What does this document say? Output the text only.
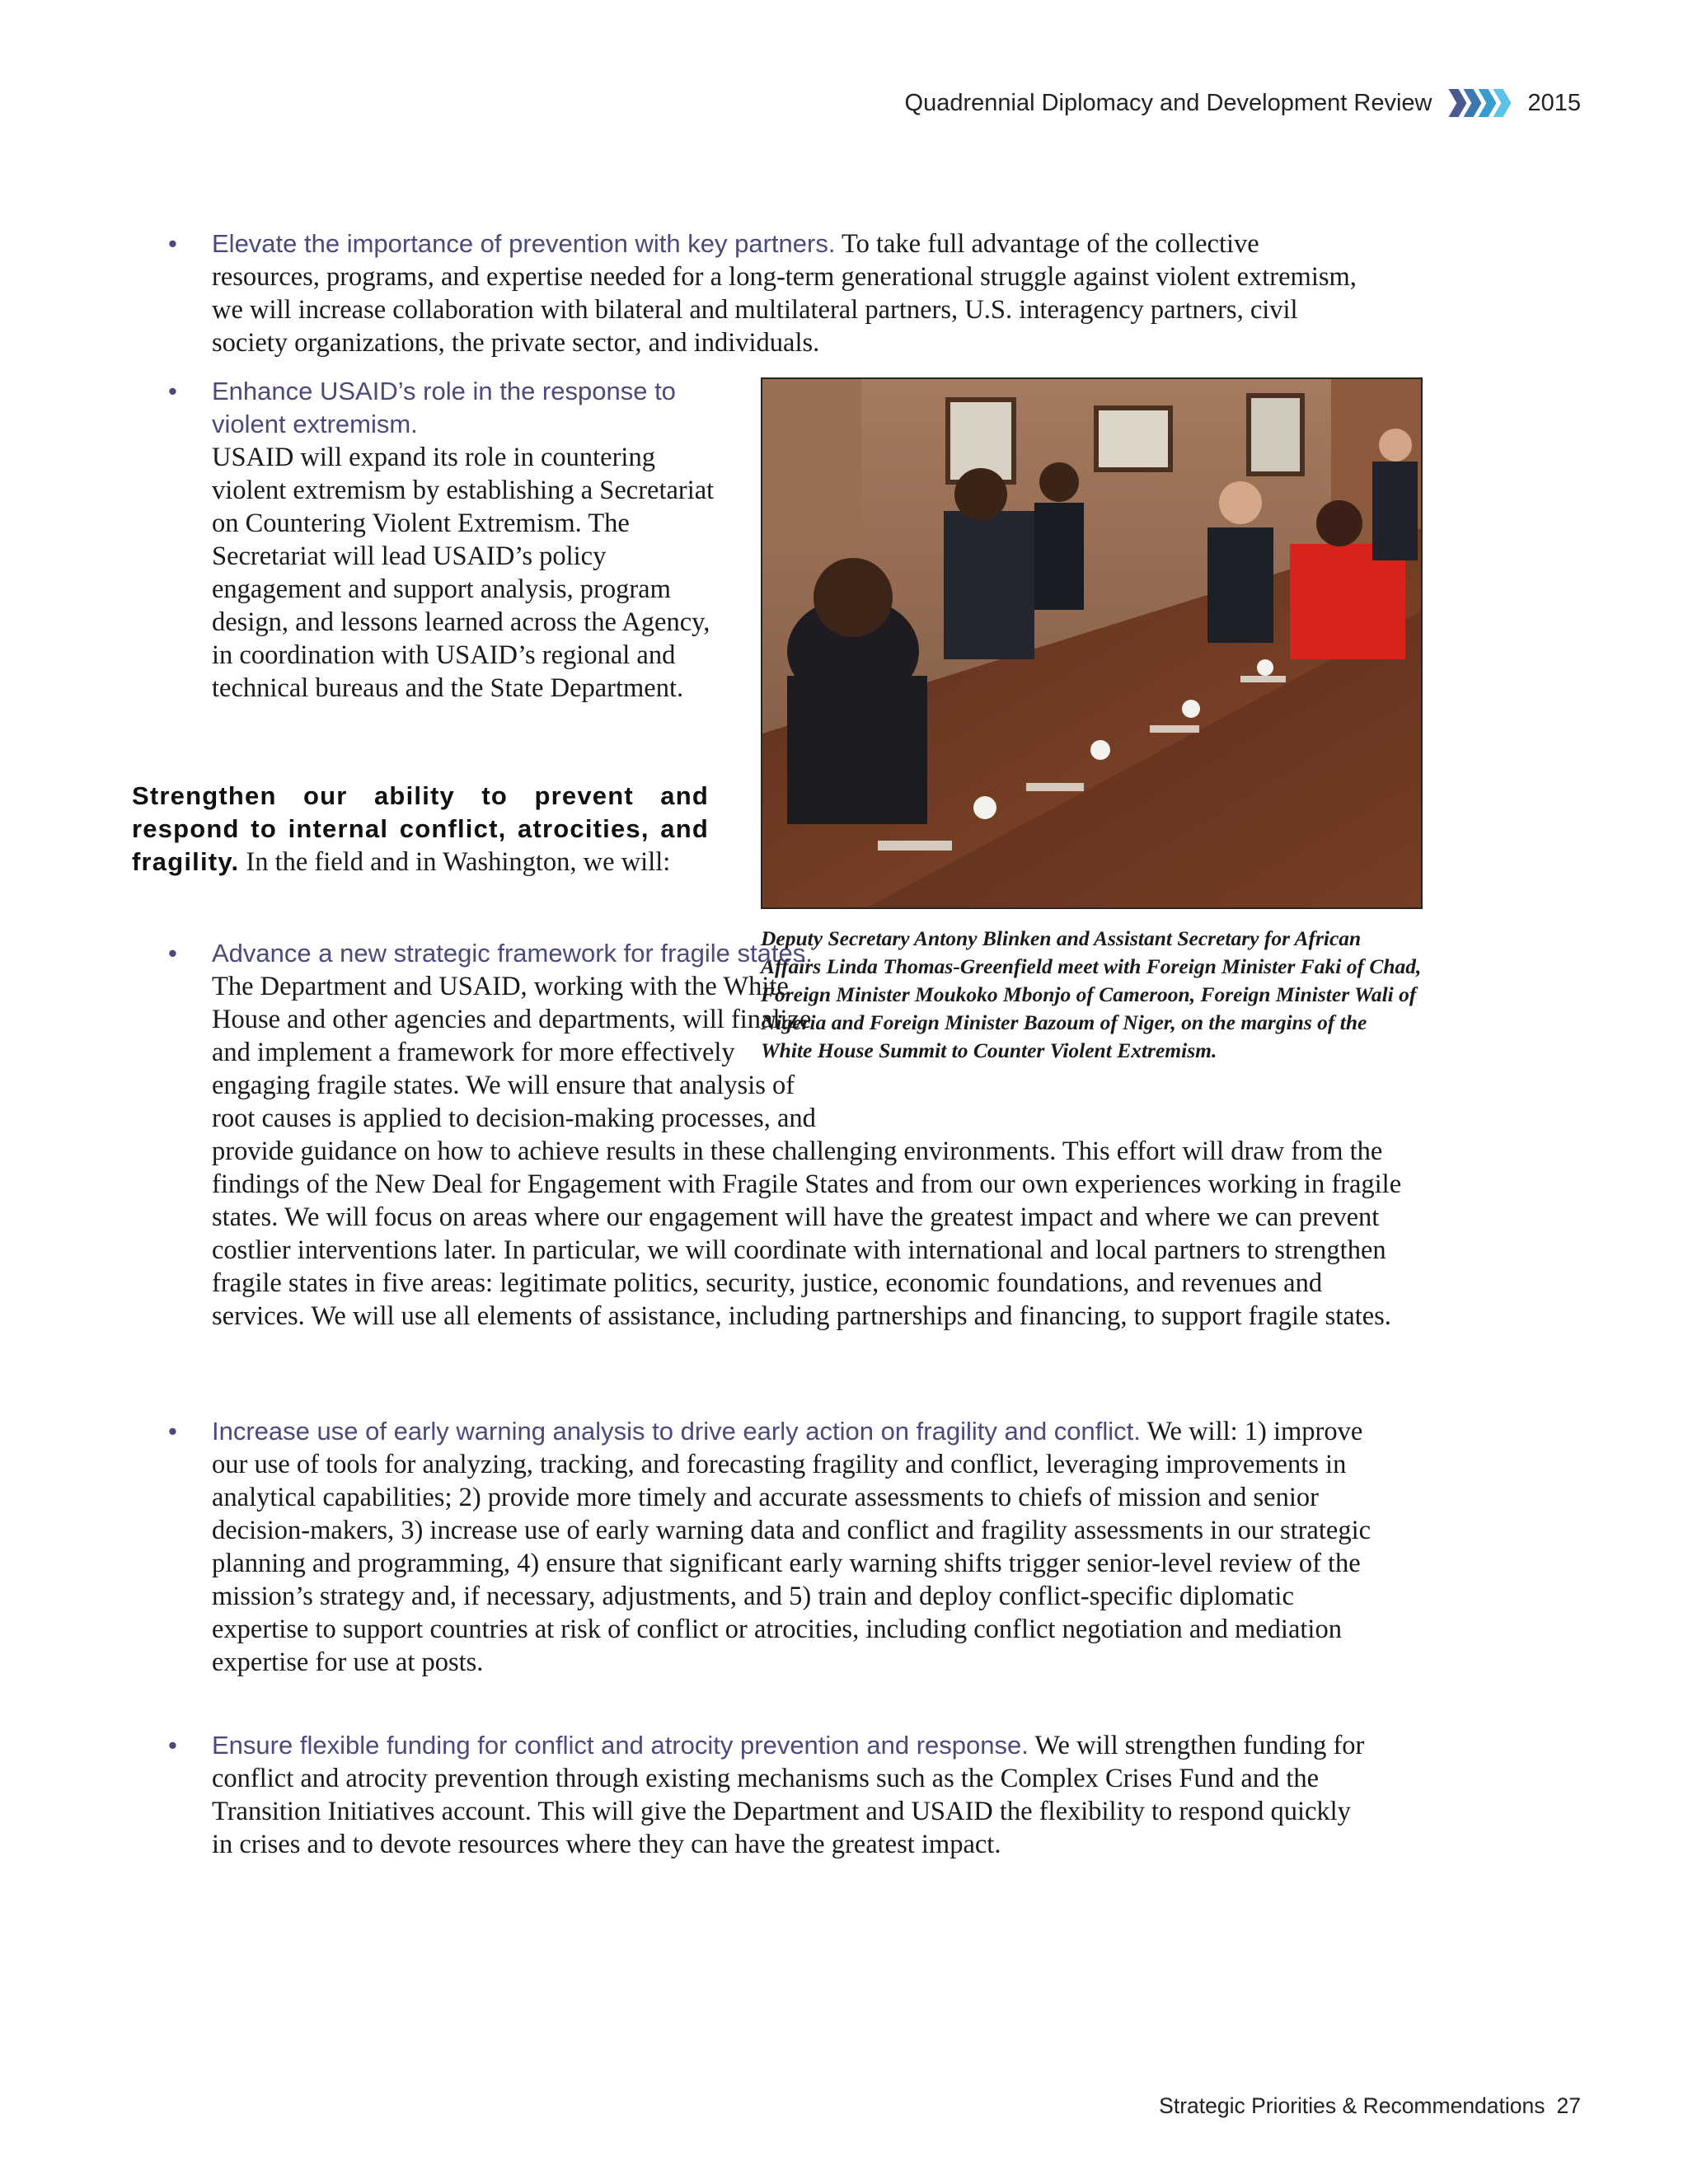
Quadrennial Diplomacy and Development Review	2015
•	Elevate the importance of prevention with key partners. To take full advantage of the collective resources, programs, and expertise needed for a long-term generational struggle against violent extremism, we will increase collaboration with bilateral and multilateral partners, U.S. interagency partners, civil society organizations, the private sector, and individuals.
• Enhance USAID’s role in the response to violent extremism.
USAID will expand its role in countering violent extremism by establishing a Secretariat on Countering Violent Extremism. The Secretariat will lead USAID’s policy engagement and support analysis, program design, and lessons learned across the Agency, in coordination with USAID’s regional and technical bureaus and the State Department.
Strengthen our ability to prevent and respond to internal conflict, atrocities, and fragility. In the field and in Washington, we will:
Deputy Secretary Antony Blinken and Assistant Secretary for African Affairs Linda Thomas-Greenfield meet with Foreign Minister Faki of Chad, Foreign Minister Moukoko Mbonjo of Cameroon, Foreign Minister Wali of Nigeria and Foreign Minister Bazoum of Niger, on the margins of the White House Summit to Counter Violent Extremism.
•	Advance a new strategic framework for fragile states. The Department and USAID, working with the White House and other agencies and departments, will finalize and implement a framework for more effectively engaging fragile states. We will ensure that analysis of root causes is applied to decision-making processes, and provide guidance on how to achieve results in these challenging environments. This effort will draw from the findings of the New Deal for Engagement with Fragile States and from our own experiences working in fragile states. We will focus on areas where our engagement will have the greatest impact and where we can prevent costlier interventions later. In particular, we will coordinate with international and local partners to strengthen fragile states in five areas: legitimate politics, security, justice, economic foundations, and revenues and services. We will use all elements of assistance, including partnerships and financing, to support fragile states.
•	Increase use of early warning analysis to drive early action on fragility and conflict. We will: 1) improve our use of tools for analyzing, tracking, and forecasting fragility and conflict, leveraging improvements in analytical capabilities; 2) provide more timely and accurate assessments to chiefs of mission and senior decision-makers, 3) increase use of early warning data and conflict and fragility assessments in our strategic planning and programming, 4) ensure that significant early warning shifts trigger senior-level review of the mission’s strategy and, if necessary, adjustments, and 5) train and deploy conflict-specific diplomatic expertise to support countries at risk of conflict or atrocities, including conflict negotiation and mediation expertise for use at posts.
•	Ensure flexible funding for conflict and atrocity prevention and response. We will strengthen funding for conflict and atrocity prevention through existing mechanisms such as the Complex Crises Fund and the Transition Initiatives account. This will give the Department and USAID the flexibility to respond quickly in crises and to devote resources where they can have the greatest impact.
Strategic Priorities & Recommendations 27
